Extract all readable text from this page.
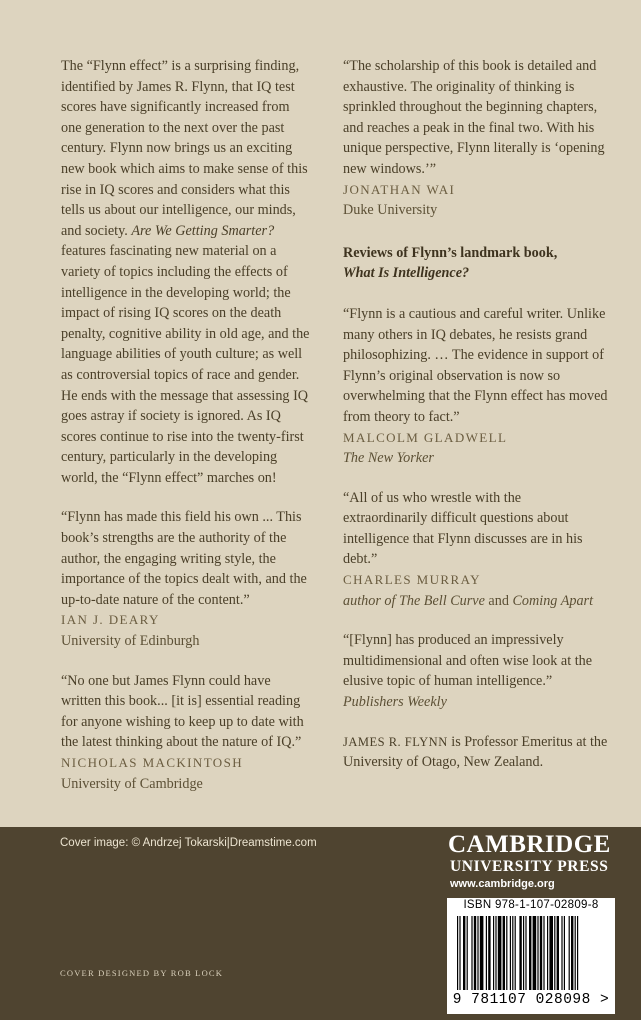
The “Flynn effect” is a surprising finding, identified by James R. Flynn, that IQ test scores have significantly increased from one generation to the next over the past century. Flynn now brings us an exciting new book which aims to make sense of this rise in IQ scores and considers what this tells us about our intelligence, our minds, and society. Are We Getting Smarter? features fascinating new material on a variety of topics including the effects of intelligence in the developing world; the impact of rising IQ scores on the death penalty, cognitive ability in old age, and the language abilities of youth culture; as well as controversial topics of race and gender. He ends with the message that assessing IQ goes astray if society is ignored. As IQ scores continue to rise into the twenty-first century, particularly in the developing world, the “Flynn effect” marches on!

“Flynn has made this field his own ... This book’s strengths are the authority of the author, the engaging writing style, the importance of the topics dealt with, and the up-to-date nature of the content.”

IAN J. DEARY

University of Edinburgh

“No one but James Flynn could have written this book... [it is] essential reading for anyone wishing to keep up to date with the latest thinking about the nature of IQ.”

NICHOLAS MACKINTOSH

University of Cambridge

“The scholarship of this book is detailed and exhaustive. The originality of thinking is sprinkled throughout the beginning chapters, and reaches a peak in the final two. With his unique perspective, Flynn literally is ‘opening new windows.’”

JONATHAN WAI

Duke University

Reviews of Flynn’s landmark book,
What Is Intelligence?

“Flynn is a cautious and careful writer. Unlike many others in IQ debates, he resists grand philosophizing. … The evidence in support of Flynn’s original observation is now so overwhelming that the Flynn effect has moved from theory to fact.”

MALCOLM GLADWELL

The New Yorker

“All of us who wrestle with the extraordinarily difficult questions about intelligence that Flynn discusses are in his debt.”

CHARLES MURRAY

author of The Bell Curve and Coming Apart

“[Flynn] has produced an impressively multidimensional and often wise look at the elusive topic of human intelligence.”

Publishers Weekly

JAMES R. FLYNN is Professor Emeritus at the University of Otago, New Zealand.

Cover image: © Andrzej Tokarski|Dreamstime.com
COVER DESIGNED BY ROB LOCK
CAMBRIDGE
UNIVERSITY PRESS
www.cambridge.org
ISBN 978-1-107-02809-8
9 781107 028098 >
